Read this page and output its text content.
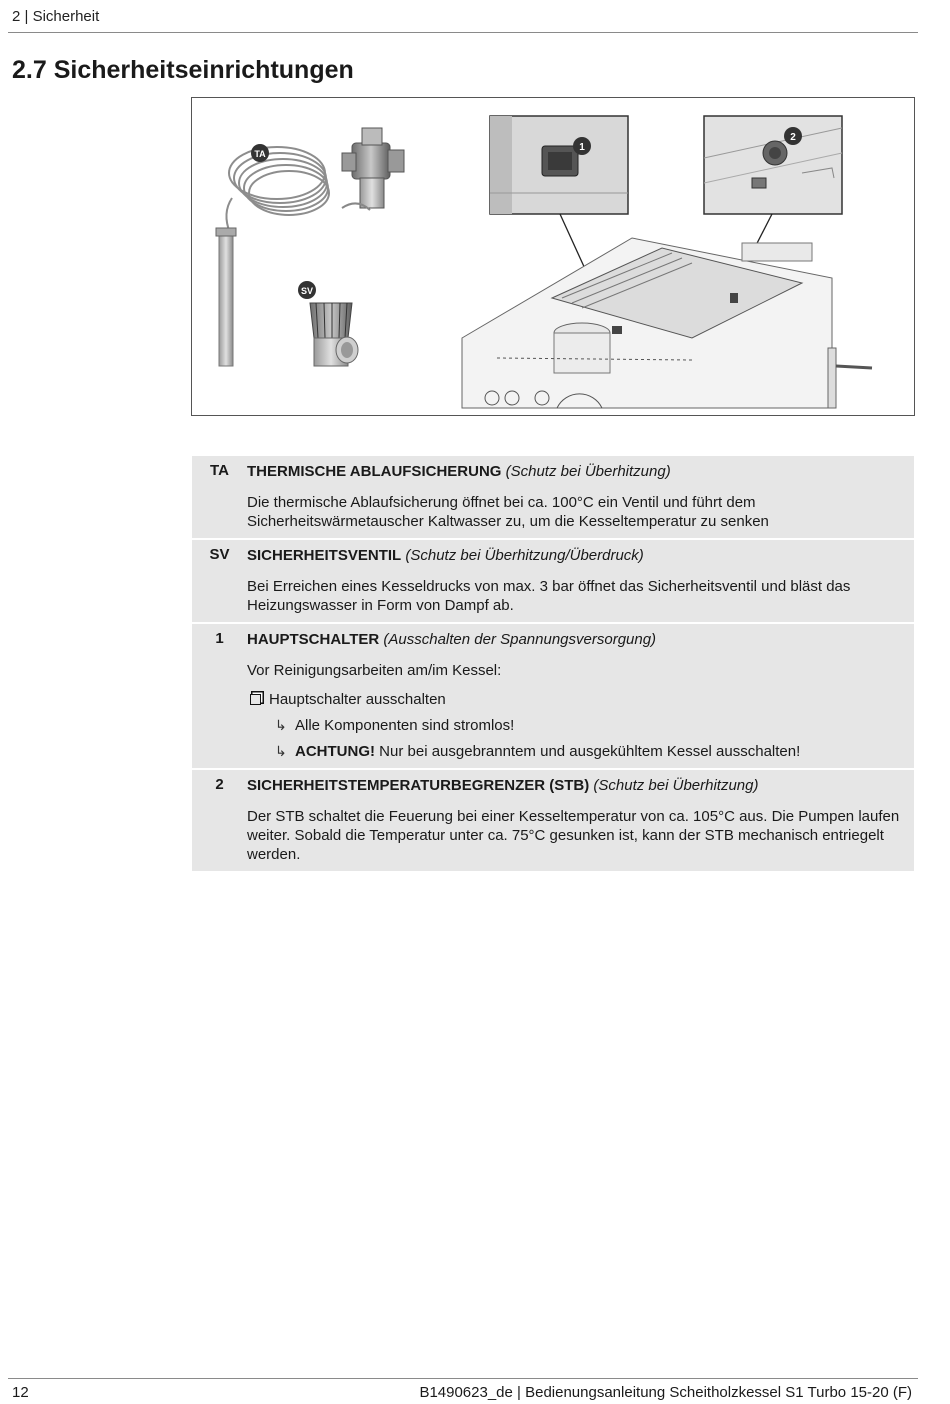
2 | Sicherheit
2.7 Sicherheitseinrichtungen
TA
SV
1
2
TA	THERMISCHE ABLAUFSICHERUNG (Schutz bei Überhitzung)
Die thermische Ablaufsicherung öffnet bei ca. 100°C ein Ventil und führt dem Sicherheitswärmetauscher Kaltwasser zu, um die Kesseltemperatur zu senken
SV	SICHERHEITSVENTIL (Schutz bei Überhitzung/Überdruck)
Bei Erreichen eines Kesseldrucks von max. 3 bar öffnet das Sicherheitsventil und bläst das Heizungswasser in Form von Dampf ab.
1	HAUPTSCHALTER (Ausschalten der Spannungsversorgung)
Vor Reinigungsarbeiten am/im Kessel:
Hauptschalter ausschalten
↳ Alle Komponenten sind stromlos!
↳ ACHTUNG! Nur bei ausgebranntem und ausgekühltem Kessel ausschalten!
2	SICHERHEITSTEMPERATURBEGRENZER (STB) (Schutz bei Überhitzung)
Der STB schaltet die Feuerung bei einer Kesseltemperatur von ca. 105°C aus. Die Pumpen laufen weiter. Sobald die Temperatur unter ca. 75°C gesunken ist, kann der STB mechanisch entriegelt werden.
12	B1490623_de | Bedienungsanleitung Scheitholzkessel S1 Turbo 15-20 (F)
